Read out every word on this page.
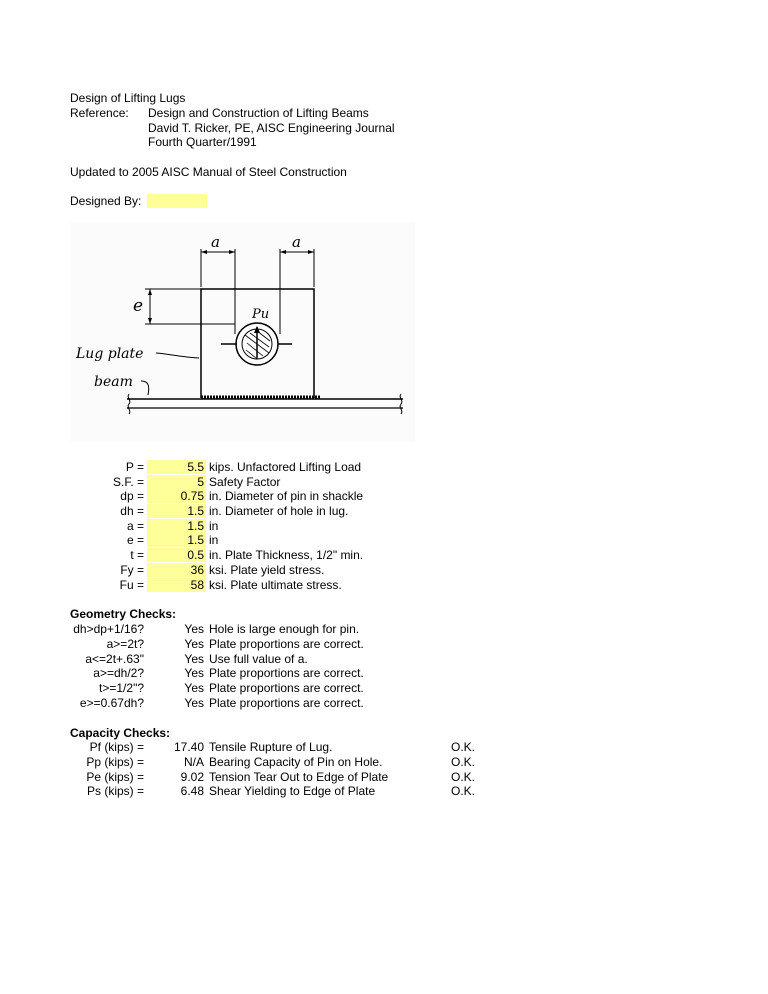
Design of Lifting Lugs
Reference: Design and Construction of Lifting Beams
David T. Ricker, PE, AISC Engineering Journal
Fourth Quarter/1991
Updated to 2005 AISC Manual of Steel Construction
Designed By:
a	a
e	Pu
Lug plate
beam
P =	5.5 kips. Unfactored Lifting Load
S.F. =	5 Safety Factor
dp =	0.75 in. Diameter of pin in shackle
dh =	1.5 in. Diameter of hole in lug.
a =	1.5 in
e =	1.5 in
t =	0.5 in. Plate Thickness, 1/2" min.
Fy =	36 ksi. Plate yield stress.
Fu =	58 ksi. Plate ultimate stress.
Geometry Checks:
dh>dp+1/16?	Yes Hole is large enough for pin.
a>=2t?	Yes Plate proportions are correct.
a<=2t+.63"	Yes Use full value of a.
a>=dh/2?	Yes Plate proportions are correct.
t>=1/2"?	Yes Plate proportions are correct.
e>=0.67dh?	Yes Plate proportions are correct.
Capacity Checks:
Pf (kips) =	17.40 Tensile Rupture of Lug.	O.K.
Pp (kips) =	N/A Bearing Capacity of Pin on Hole.	O.K.
Pe (kips) =	9.02 Tension Tear Out to Edge of Plate	O.K.
Ps (kips) =	6.48 Shear Yielding to Edge of Plate	O.K.
